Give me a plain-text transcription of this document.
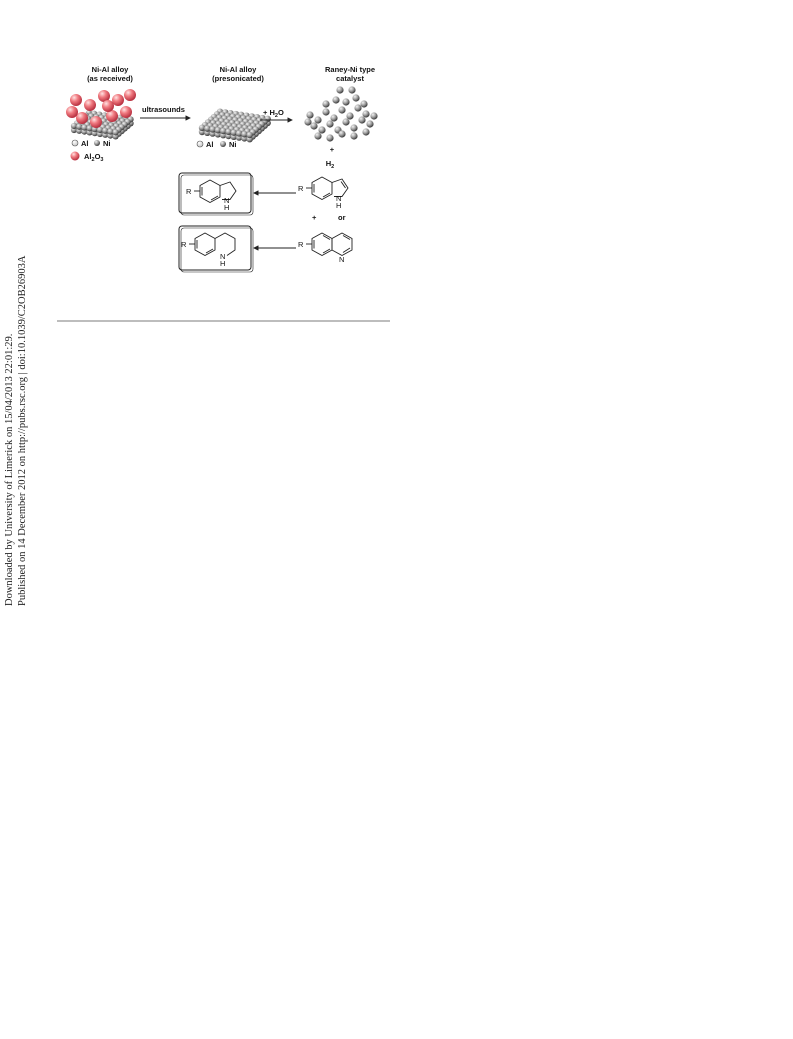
Downloaded by University of Limerick on 15/04/2013 22:01:29. Published on 14 December 2012 on http://pubs.rsc.org | doi:10.1039/C2OB26903A
Ni-Al alloy
(as received)
Ni-Al alloy
(presonicated)
Raney-Ni type
catalyst
ultrasounds	+ $H_2O$
Al Ni
$Al_2O_3$
Al Ni
+
$H_2$
R
N
H
R
N
H
+	or
R
N
H
R
N
